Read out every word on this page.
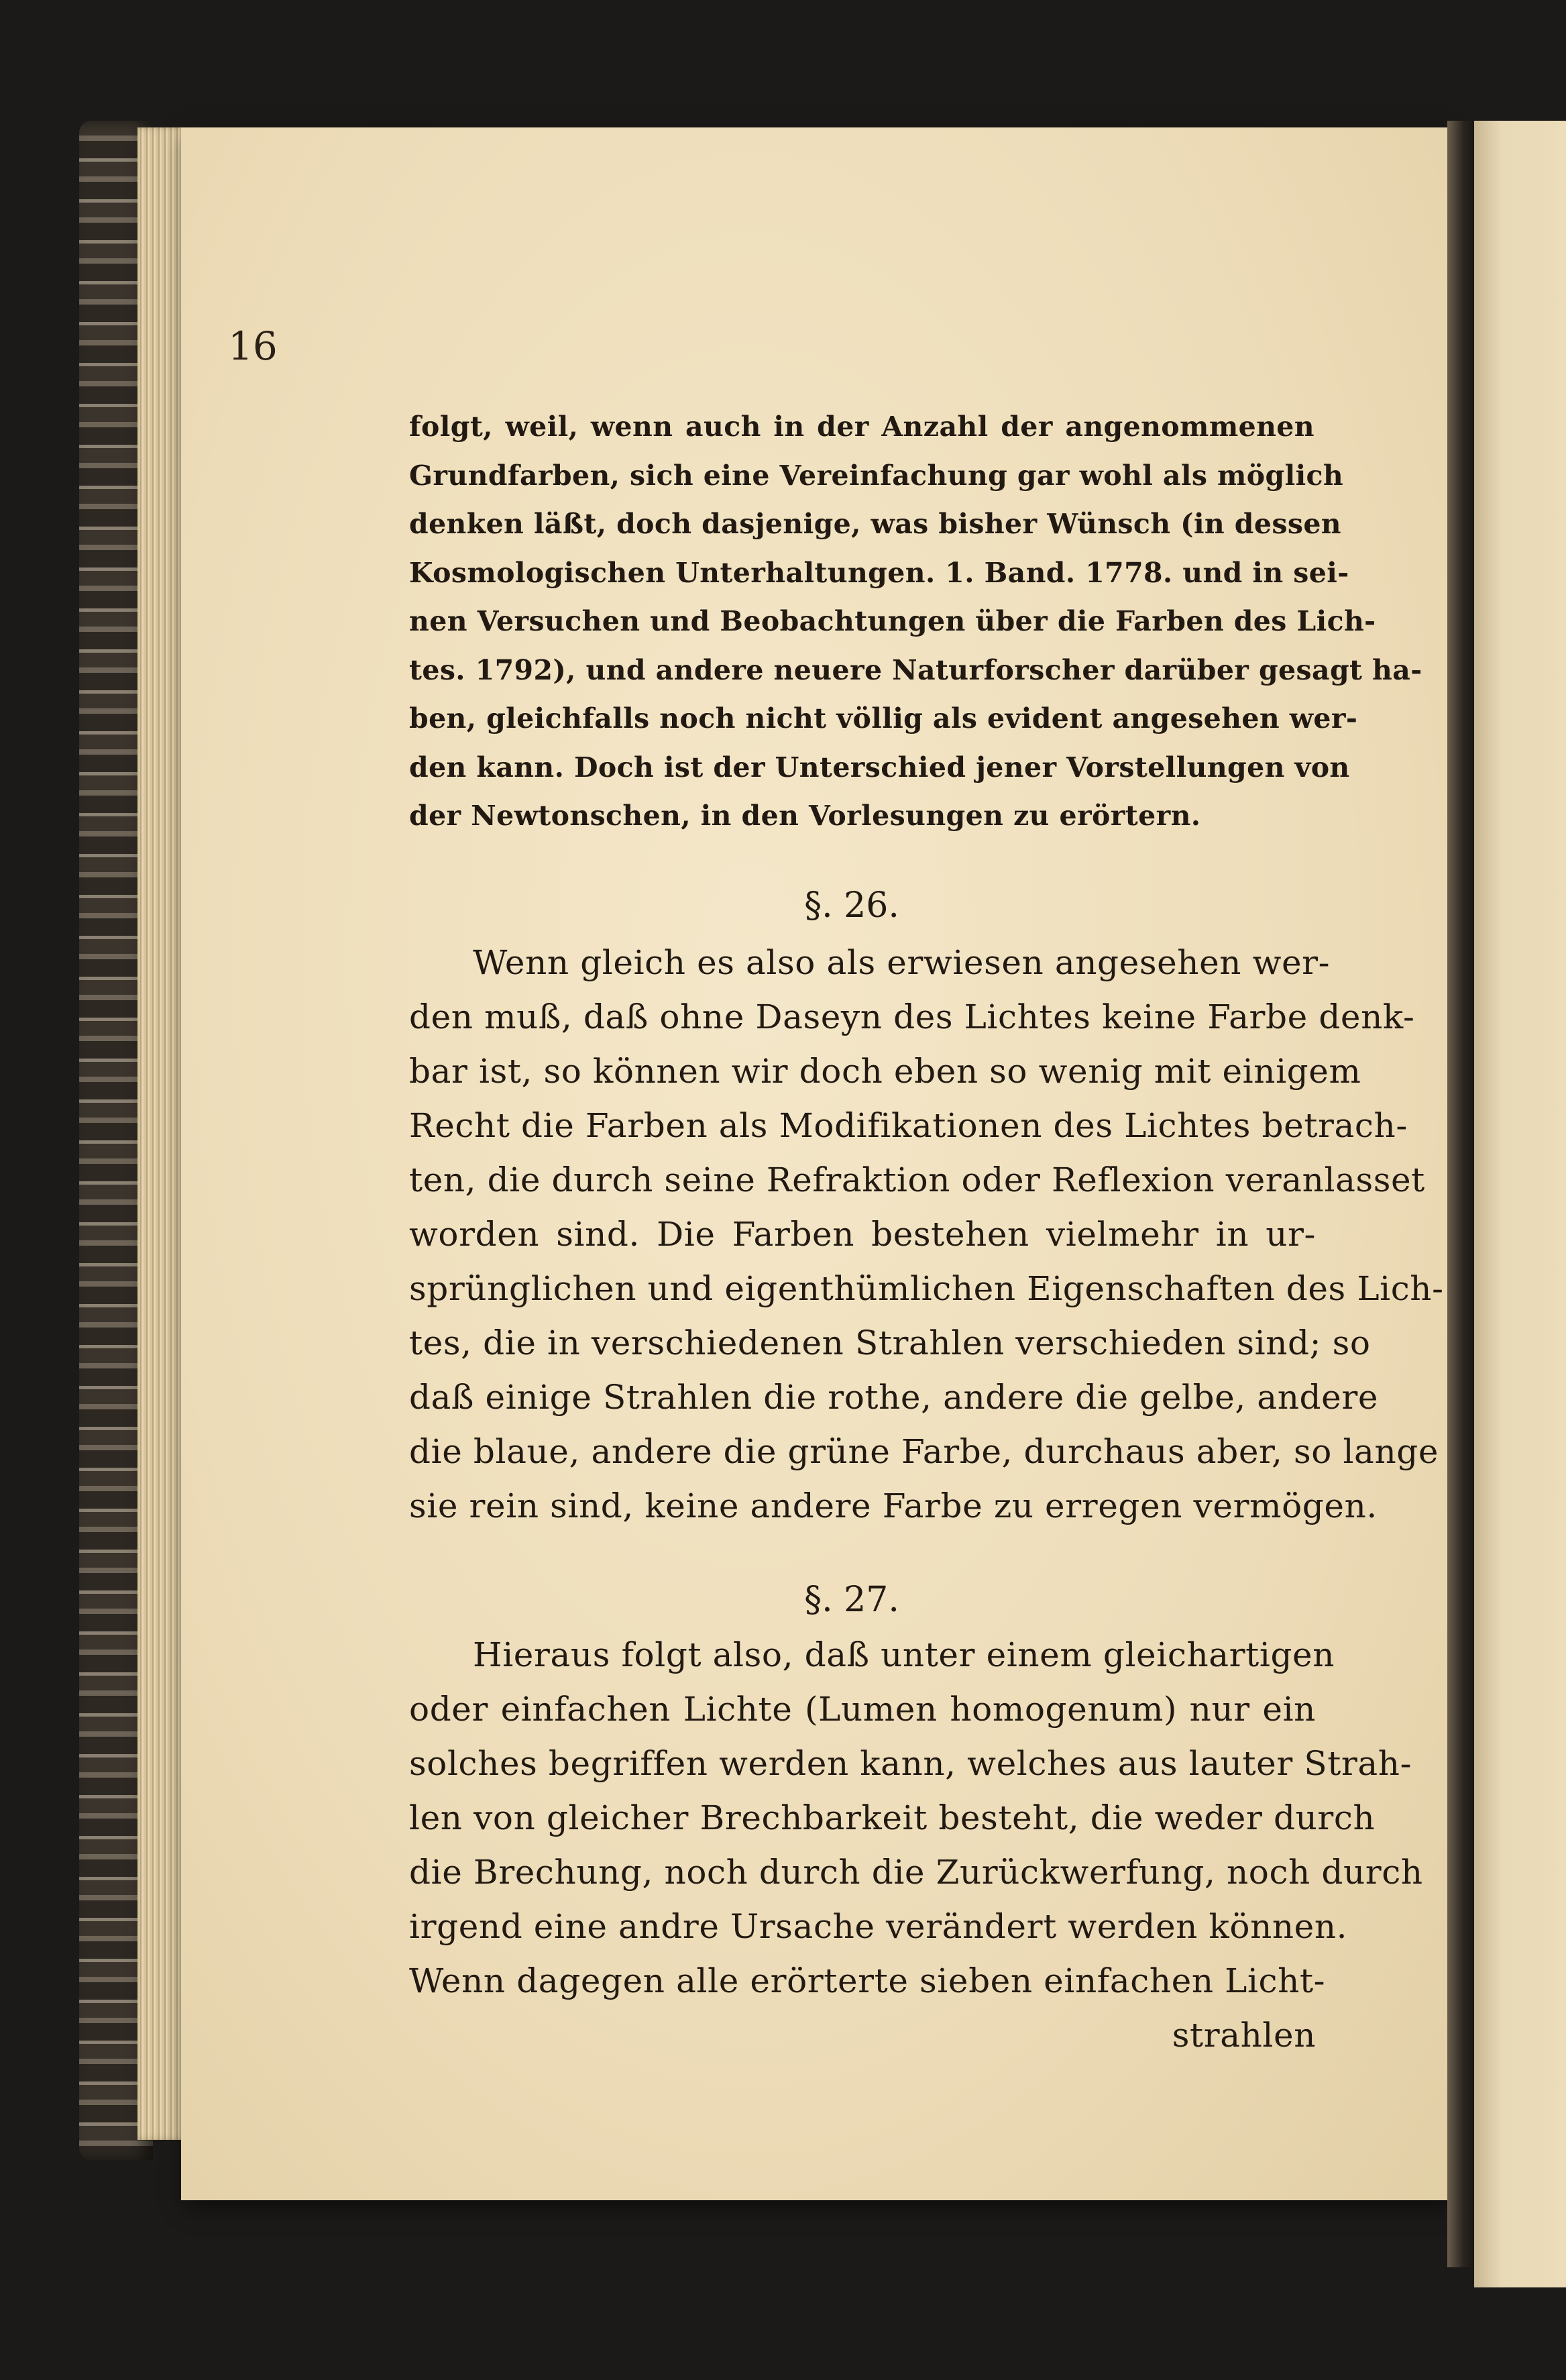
16
folgt, weil, wenn auch in der Anzahl der angenommenen
Grundfarben, sich eine Vereinfachung gar wohl als möglich
denken läßt, doch dasjenige, was bisher Wünsch (in dessen
Kosmologischen Unterhaltungen. 1. Band. 1778. und in sei-
nen Versuchen und Beobachtungen über die Farben des Lich-
tes. 1792), und andere neuere Naturforscher darüber gesagt ha-
ben, gleichfalls noch nicht völlig als evident angesehen wer-
den kann. Doch ist der Unterschied jener Vorstellungen von
der Newtonschen, in den Vorlesungen zu erörtern.
§. 26.
Wenn gleich es also als erwiesen angesehen wer-
den muß, daß ohne Daseyn des Lichtes keine Farbe denk-
bar ist, so können wir doch eben so wenig mit einigem
Recht die Farben als Modifikationen des Lichtes betrach-
ten, die durch seine Refraktion oder Reflexion veranlasset
worden sind. Die Farben bestehen vielmehr in ur-
sprünglichen und eigenthümlichen Eigenschaften des Lich-
tes, die in verschiedenen Strahlen verschieden sind; so
daß einige Strahlen die rothe, andere die gelbe, andere
die blaue, andere die grüne Farbe, durchaus aber, so lange
sie rein sind, keine andere Farbe zu erregen vermögen.
§. 27.
Hieraus folgt also, daß unter einem gleichartigen
oder einfachen Lichte (Lumen homogenum) nur ein
solches begriffen werden kann, welches aus lauter Strah-
len von gleicher Brechbarkeit besteht, die weder durch
die Brechung, noch durch die Zurückwerfung, noch durch
irgend eine andre Ursache verändert werden können.
Wenn dagegen alle erörterte sieben einfachen Licht-
strahlen
